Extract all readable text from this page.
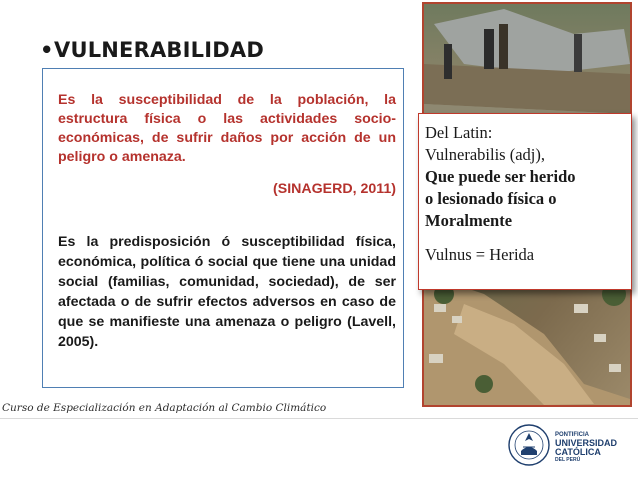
•VULNERABILIDAD
Es la susceptibilidad de la población, la estructura física o las actividades socio-económicas, de sufrir daños por acción de un peligro o amenaza.
(SINAGERD, 2011)
Es la predisposición ó susceptibilidad física, económica, política ó social que tiene una unidad social (familias, comunidad, sociedad), de ser afectada o de sufrir efectos adversos en caso de que se manifieste una amenaza o peligro (Lavell, 2005).
Del Latin:
Vulnerabilis (adj),
Que puede ser herido
o lesionado física o
Moralmente
Vulnus = Herida
Curso de Especialización en Adaptación al Cambio Climático
PONTIFICIA
UNIVERSIDAD
CATÓLICA
DEL PERÚ
